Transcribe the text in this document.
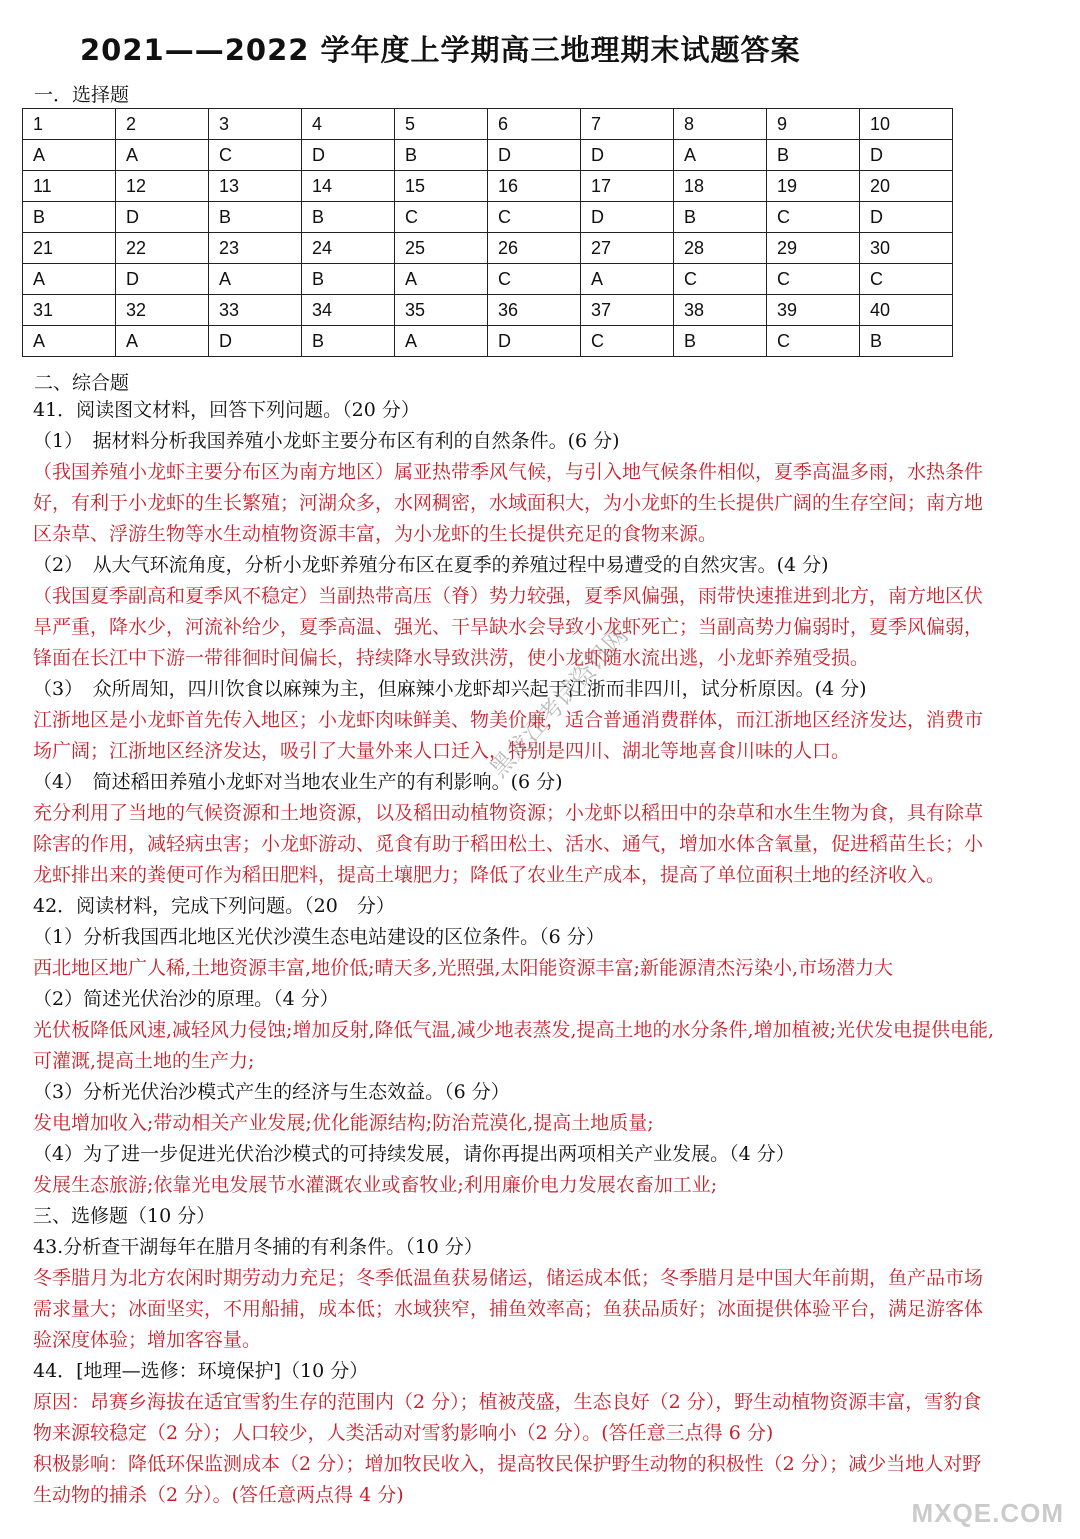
2021——2022 学年度上学期高三地理期末试题答案
一．选择题
1	2	3	4	5	6	7	8	9	10
A	A	C	D	B	D	D	A	B	D
11	12	13	14	15	16	17	18	19	20
B	D	B	B	C	C	D	B	C	D
21	22	23	24	25	26	27	28	29	30
A	D	A	B	A	C	A	C	C	C
31	32	33	34	35	36	37	38	39	40
A	A	D	B	A	D	C	B	C	B
二、综合题
41．阅读图文材料，回答下列问题。（20 分）
（1）　据材料分析我国养殖小龙虾主要分布区有利的自然条件。(6 分)
（我国养殖小龙虾主要分布区为南方地区）属亚热带季风气候，与引入地气候条件相似，夏季高温多雨，水热条件
好，有利于小龙虾的生长繁殖；河湖众多，水网稠密，水域面积大，为小龙虾的生长提供广阔的生存空间；南方地
区杂草、浮游生物等水生动植物资源丰富，为小龙虾的生长提供充足的食物来源。
（2）　从大气环流角度，分析小龙虾养殖分布区在夏季的养殖过程中易遭受的自然灾害。(4 分)
（我国夏季副高和夏季风不稳定）当副热带高压（脊）势力较强，夏季风偏强，雨带快速推进到北方，南方地区伏
旱严重，降水少，河流补给少，夏季高温、强光、干旱缺水会导致小龙虾死亡；当副高势力偏弱时，夏季风偏弱，
锋面在长江中下游一带徘徊时间偏长，持续降水导致洪涝，使小龙虾随水流出逃，小龙虾养殖受损。
（3）　众所周知，四川饮食以麻辣为主，但麻辣小龙虾却兴起于江浙而非四川，试分析原因。(4 分)
江浙地区是小龙虾首先传入地区；小龙虾肉味鲜美、物美价廉，适合普通消费群体，而江浙地区经济发达，消费市
场广阔；江浙地区经济发达，吸引了大量外来人口迁入，特别是四川、湖北等地喜食川味的人口。
（4）　简述稻田养殖小龙虾对当地农业生产的有利影响。(6 分)
充分利用了当地的气候资源和土地资源，以及稻田动植物资源；小龙虾以稻田中的杂草和水生生物为食，具有除草
除害的作用，减轻病虫害；小龙虾游动、觅食有助于稻田松土、活水、通气，增加水体含氧量，促进稻苗生长；小
龙虾排出来的粪便可作为稻田肥料，提高土壤肥力；降低了农业生产成本，提高了单位面积土地的经济收入。
42．阅读材料，完成下列问题。（20　分）
（1）分析我国西北地区光伏沙漠生态电站建设的区位条件。（6 分）
西北地区地广人稀,土地资源丰富,地价低;晴天多,光照强,太阳能资源丰富;新能源清杰污染小,市场潜力大
（2）简述光伏治沙的原理。（4 分）
光伏板降低风速,减轻风力侵蚀;增加反射,降低气温,减少地表蒸发,提高土地的水分条件,增加植被;光伏发电提供电能,
可灌溉,提高土地的生产力;
（3）分析光伏治沙模式产生的经济与生态效益。（6 分）
发电增加收入;带动相关产业发展;优化能源结构;防治荒漠化,提高土地质量;
（4）为了进一步促进光伏治沙模式的可持续发展，请你再提出两项相关产业发展。（4 分）
发展生态旅游;依靠光电发展节水灌溉农业或畜牧业;利用廉价电力发展农畜加工业;
三、选修题（10 分）
43.分析查干湖每年在腊月冬捕的有利条件。（10 分）
冬季腊月为北方农闲时期劳动力充足；冬季低温鱼获易储运，储运成本低；冬季腊月是中国大年前期，鱼产品市场
需求量大；冰面坚实，不用船捕，成本低；水域狭窄，捕鱼效率高；鱼获品质好；冰面提供体验平台，满足游客体
验深度体验；增加客容量。
44．[地理—选修：环境保护]（10 分）
原因：昂赛乡海拔在适宜雪豹生存的范围内（2 分）；植被茂盛，生态良好（2 分），野生动植物资源丰富，雪豹食
物来源较稳定（2 分）；人口较少，人类活动对雪豹影响小（2 分）。(答任意三点得 6 分)
积极影响：降低环保监测成本（2 分）；增加牧民收入，提高牧民保护野生动物的积极性（2 分）；减少当地人对野
生动物的捕杀（2 分）。(答任意两点得 4 分)
黑龙江考试资讯网
MXQE.COM
